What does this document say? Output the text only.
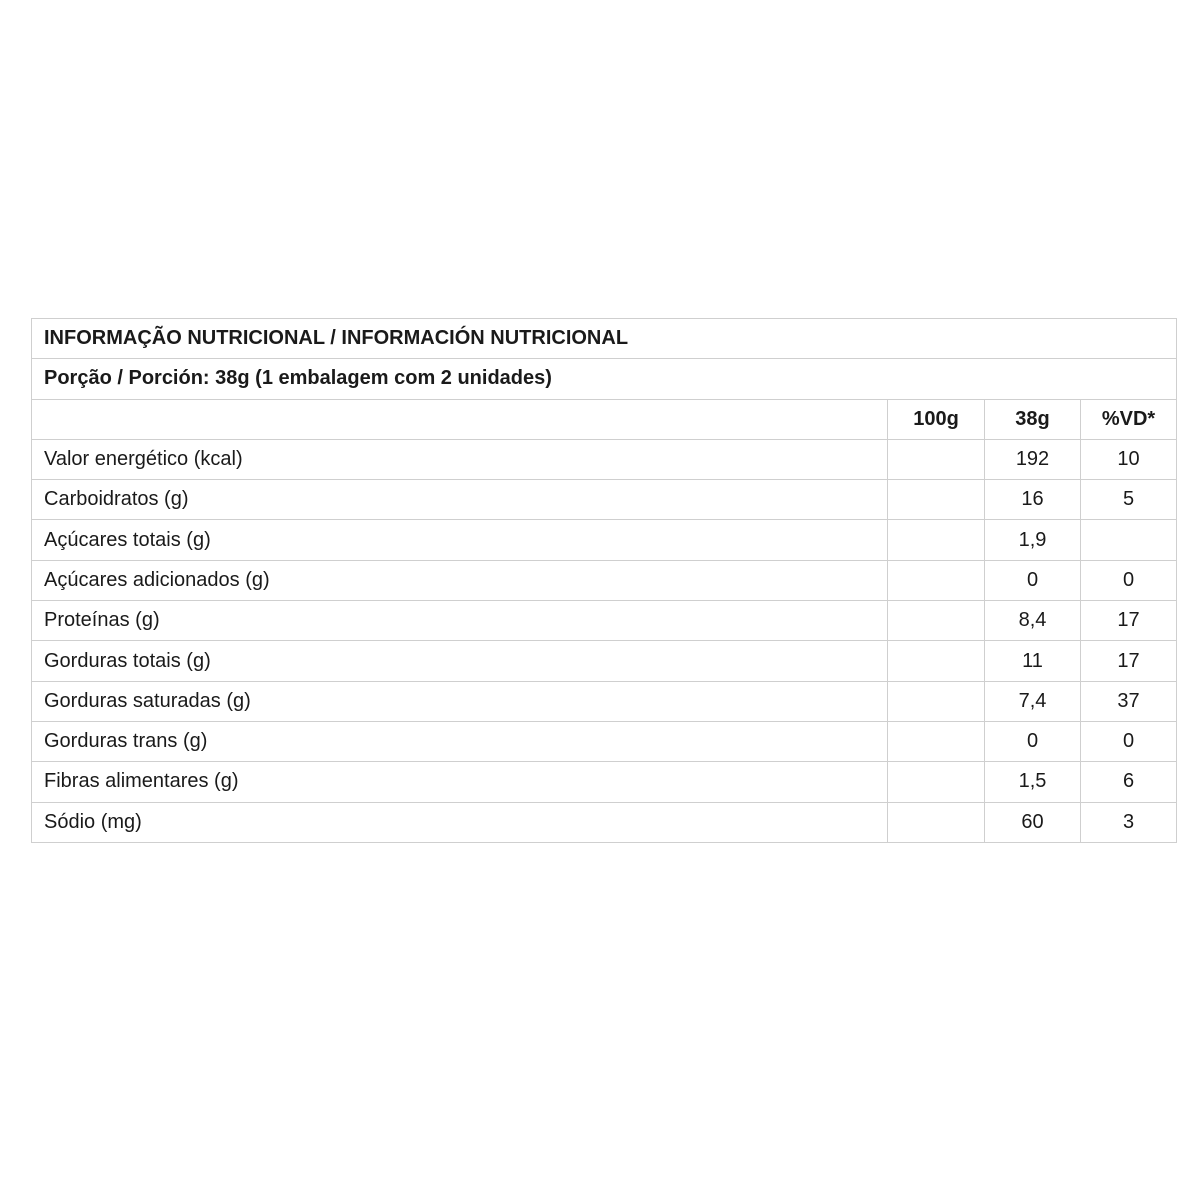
INFORMAÇÃO NUTRICIONAL / INFORMACIÓN NUTRICIONAL			
Porção / Porción: 38g (1 embalagem com 2 unidades)			
	100g	38g	%VD*
Valor energético (kcal)		192	10
Carboidratos (g)		16	5
Açúcares totais (g)		1,9	
Açúcares adicionados (g)		0	0
Proteínas (g)		8,4	17
Gorduras totais (g)		11	17
Gorduras saturadas (g)		7,4	37
Gorduras trans (g)		0	0
Fibras alimentares (g)		1,5	6
Sódio (mg)		60	3
